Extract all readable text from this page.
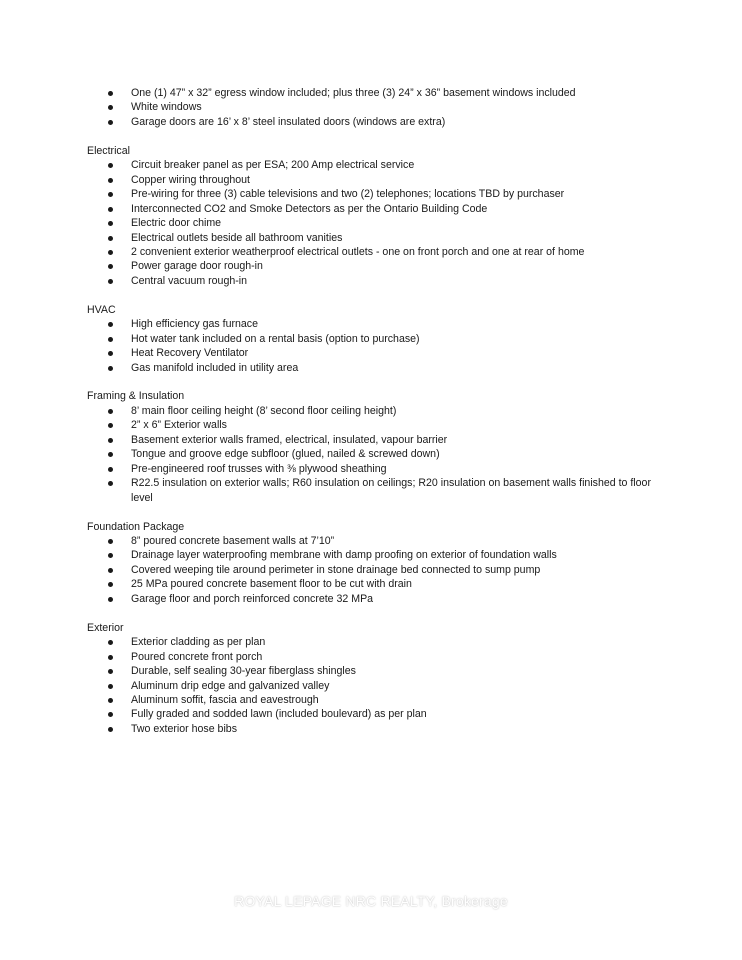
One (1) 47” x 32” egress window included; plus three (3) 24” x 36” basement windows included
White windows
Garage doors are 16’ x 8’ steel insulated doors (windows are extra)

Electrical

Circuit breaker panel as per ESA; 200 Amp electrical service
Copper wiring throughout
Pre-wiring for three (3) cable televisions and two (2) telephones; locations TBD by purchaser
Interconnected CO2 and Smoke Detectors as per the Ontario Building Code
Electric door chime
Electrical outlets beside all bathroom vanities
2 convenient exterior weatherproof electrical outlets - one on front porch and one at rear of home
Power garage door rough-in
Central vacuum rough-in

HVAC

High efficiency gas furnace
Hot water tank included on a rental basis (option to purchase)
Heat Recovery Ventilator
Gas manifold included in utility area

Framing & Insulation

8’ main floor ceiling height (8’ second floor ceiling height)
2” x 6” Exterior walls
Basement exterior walls framed, electrical, insulated, vapour barrier
Tongue and groove edge subfloor (glued, nailed & screwed down)
Pre-engineered roof trusses with ⅜ plywood sheathing
R22.5 insulation on exterior walls; R60 insulation on ceilings; R20 insulation on basement walls finished to floor level

Foundation Package

8” poured concrete basement walls at 7’10”
Drainage layer waterproofing membrane with damp proofing on exterior of foundation walls
Covered weeping tile around perimeter in stone drainage bed connected to sump pump
25 MPa poured concrete basement floor to be cut with drain
Garage floor and porch reinforced concrete 32 MPa

Exterior

Exterior cladding as per plan
Poured concrete front porch
Durable, self sealing 30-year fiberglass shingles
Aluminum drip edge and galvanized valley
Aluminum soffit, fascia and eavestrough
Fully graded and sodded lawn (included boulevard) as per plan
Two exterior hose bibs
ROYAL LEPAGE NRC REALTY, Brokerage
